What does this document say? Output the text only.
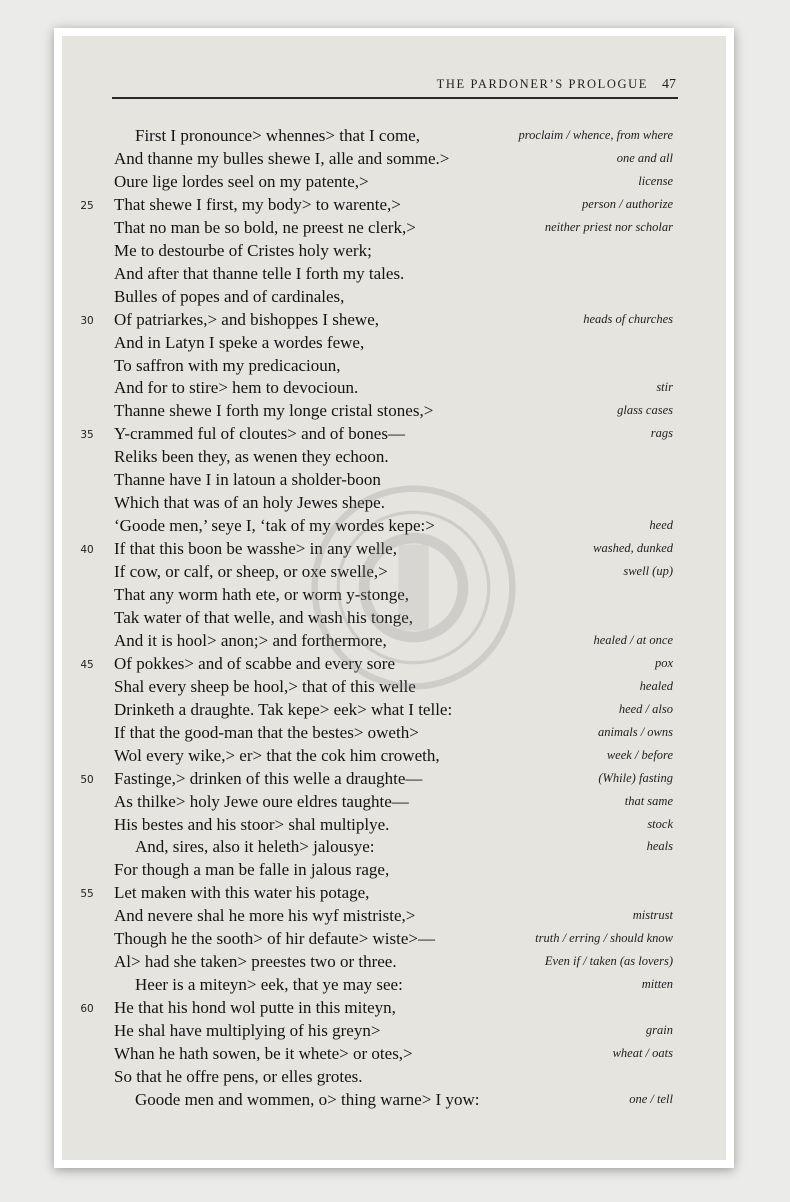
THE PARDONER’S PROLOGUE 47
First I pronounce˃ whennes˃ that I come,	proclaim / whence, from where
And thanne my bulles shewe I, alle and somme.˃	one and all
Oure lige lordes seel on my patente,˃	license
25	That shewe I first, my body˃ to warente,˃	person / authorize
That no man be so bold, ne preest ne clerk,˃	neither priest nor scholar
Me to destourbe of Cristes holy werk;
And after that thanne telle I forth my tales.
Bulles of popes and of cardinales,
30	Of patriarkes,˃ and bishoppes I shewe,	heads of churches
And in Latyn I speke a wordes fewe,
To saffron with my predicacioun,
And for to stire˃ hem to devocioun.	stir
Thanne shewe I forth my longe cristal stones,˃	glass cases
35	Y-crammed ful of cloutes˃ and of bones—	rags
Reliks been they, as wenen they echoon.
Thanne have I in latoun a sholder-boon
Which that was of an holy Jewes shepe.
‘Goode men,’ seye I, ‘tak of my wordes kepe:˃	heed
40	If that this boon be wasshe˃ in any welle,	washed, dunked
If cow, or calf, or sheep, or oxe swelle,˃	swell (up)
That any worm hath ete, or worm y-stonge,
Tak water of that welle, and wash his tonge,
And it is hool˃ anon;˃ and forthermore,	healed / at once
45	Of pokkes˃ and of scabbe and every sore	pox
Shal every sheep be hool,˃ that of this welle	healed
Drinketh a draughte. Tak kepe˃ eek˃ what I telle:	heed / also
If that the good-man that the bestes˃ oweth˃	animals / owns
Wol every wike,˃ er˃ that the cok him croweth,	week / before
50	Fastinge,˃ drinken of this welle a draughte—	(While) fasting
As thilke˃ holy Jewe oure eldres taughte—	that same
His bestes and his stoor˃ shal multiplye.	stock
And, sires, also it heleth˃ jalousye:	heals
For though a man be falle in jalous rage,
55	Let maken with this water his potage,
And nevere shal he more his wyf mistriste,˃	mistrust
Though he the sooth˃ of hir defaute˃ wiste˃—	truth / erring / should know
Al˃ had she taken˃ preestes two or three.	Even if / taken (as lovers)
Heer is a miteyn˃ eek, that ye may see:	mitten
60	He that his hond wol putte in this miteyn,
He shal have multiplying of his greyn˃	grain
Whan he hath sowen, be it whete˃ or otes,˃	wheat / oats
So that he offre pens, or elles grotes.
Goode men and wommen, o˃ thing warne˃ I yow:	one / tell
